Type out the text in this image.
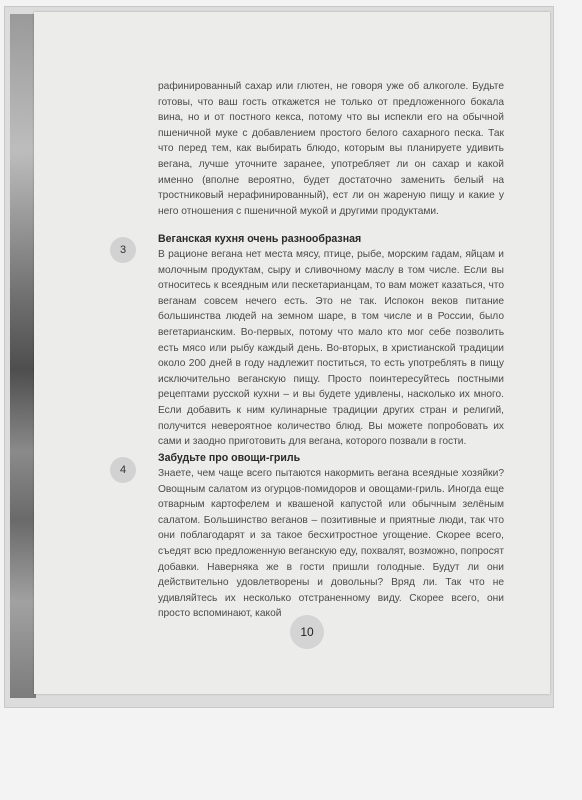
рафинированный сахар или глютен, не говоря уже об алкоголе. Будьте готовы, что ваш гость откажется не только от предложенного бокала вина, но и от постного кекса, потому что вы испекли его на обычной пшеничной муке с добавлением простого белого сахарного песка. Так что перед тем, как выбирать блюдо, которым вы планируете удивить вегана, лучше уточните заранее, употребляет ли он сахар и какой именно (вполне вероятно, будет достаточно заменить белый на тростниковый нерафинированный), ест ли он жареную пищу и какие у него отношения с пшеничной мукой и другими продуктами.

3

Веганская кухня очень разнообразная

В рационе вегана нет места мясу, птице, рыбе, морским гадам, яйцам и молочным продуктам, сыру и сливочному маслу в том числе. Если вы относитесь к всеядным или пескетарианцам, то вам может казаться, что веганам совсем нечего есть. Это не так. Испокон веков питание большинства людей на земном шаре, в том числе и в России, было вегетарианским. Во-первых, потому что мало кто мог себе позволить есть мясо или рыбу каждый день. Во-вторых, в христианской традиции около 200 дней в году надлежит поститься, то есть употреблять в пищу исключительно веганскую пищу. Просто поинтересуйтесь постными рецептами русской кухни – и вы будете удивлены, насколько их много. Если добавить к ним кулинарные традиции других стран и религий, получится невероятное количество блюд. Вы можете попробовать их сами и заодно приготовить для вегана, которого позвали в гости.

4

Забудьте про овощи-гриль

Знаете, чем чаще всего пытаются накормить вегана всеядные хозяйки? Овощным салатом из огурцов-помидоров и овощами-гриль. Иногда еще отварным картофелем и квашеной капустой или обычным зелёным салатом. Большинство веганов – позитивные и приятные люди, так что они поблагодарят и за такое бесхитростное угощение. Скорее всего, съедят всю предложенную веганскую еду, похвалят, возможно, попросят добавки. Наверняка же в гости пришли голодные. Будут ли они действительно удовлетворены и довольны? Вряд ли. Так что не удивляйтесь их несколько отстраненному виду. Скорее всего, они просто вспоминают, какой

10
